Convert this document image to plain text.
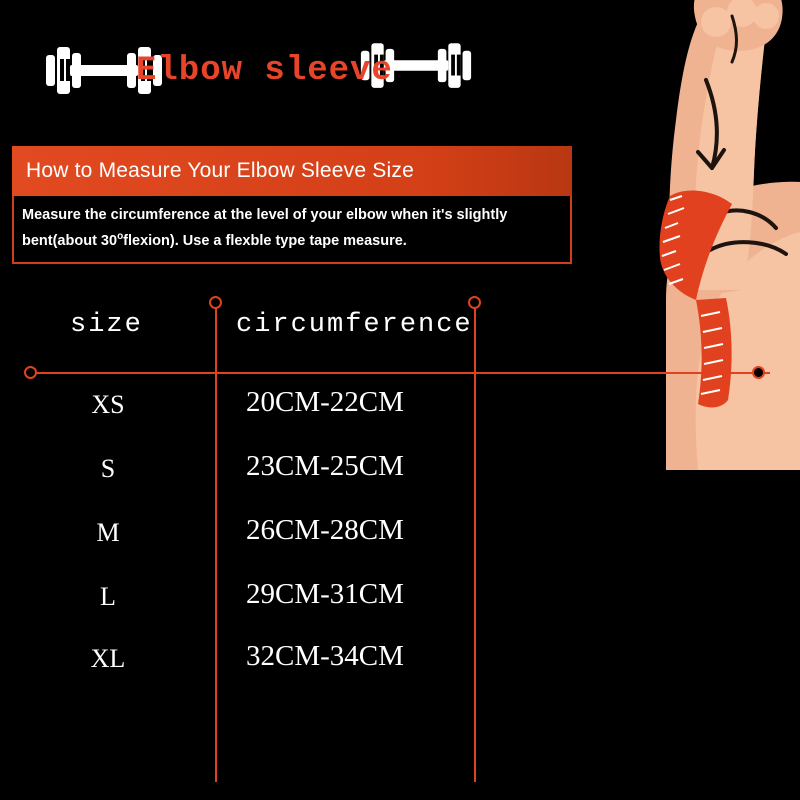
Elbow sleeve
How to Measure Your Elbow Sleeve Size
Measure the circumference at the level of your elbow when it's slightly
bent(about 30$^o$flexion). Use a flexble type tape measure.
size	circumference
XS	20CM-22CM
S	23CM-25CM
M	26CM-28CM
L	29CM-31CM
XL	32CM-34CM
